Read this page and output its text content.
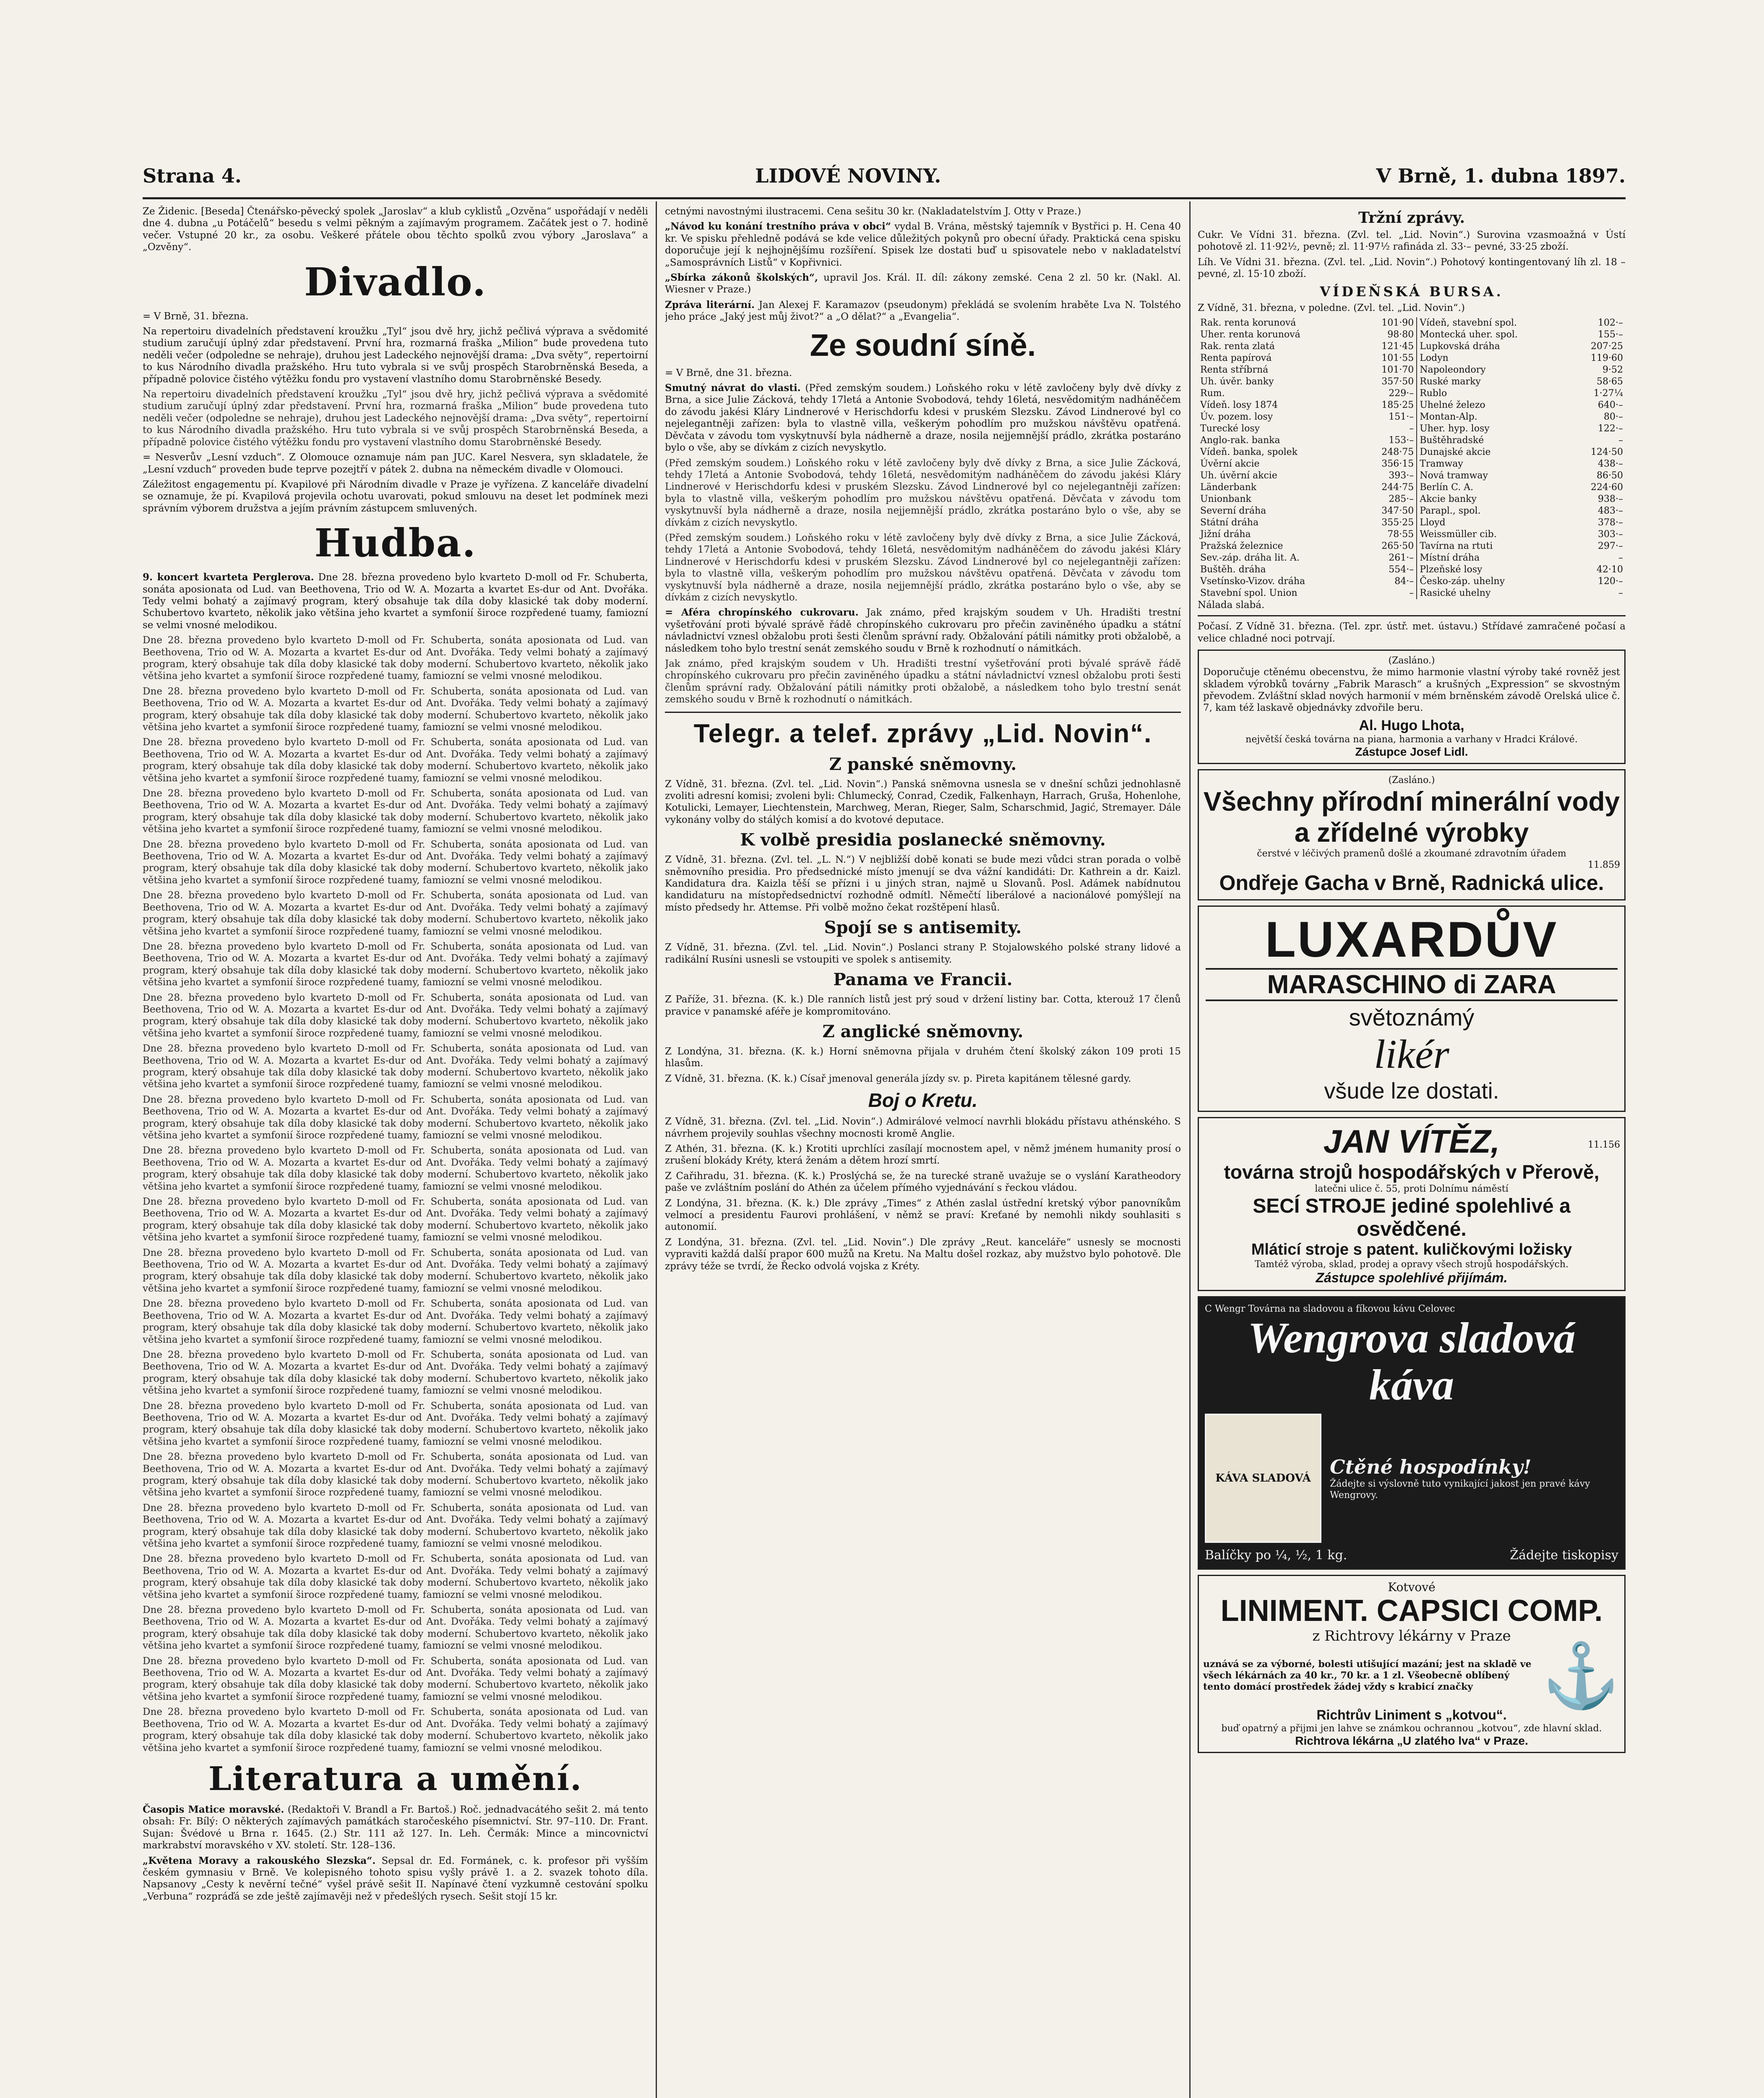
Strana 4.	LIDOVÉ NOVINY.	V Brně, 1. dubna 1897.

Ze Židenic. [Beseda] Čtenářsko-pěvecký spolek „Jaroslav“ a klub cyklistů „Ozvěna“ uspořádají v neděli dne 4. dubna „u Potáčelů“ besedu s velmi pěkným a zajímavým programem. Začátek jest o 7. hodině večer. Vstupné 20 kr., za osobu. Veškeré přátele obou těchto spolků zvou výbory „Jaroslava“ a „Ozvěny“.

Divadlo.

= V Brně, 31. března.

Na repertoiru divadelních představení kroužku „Tyl“ jsou dvě hry, jichž pečlivá výprava a svědomité studium zaručují úplný zdar představení. První hra, rozmarná fraška „Milion“ bude provedena tuto neděli večer (odpoledne se nehraje), druhou jest Ladeckého nejnovější drama: „Dva světy“, repertoirní to kus Národního divadla pražského. Hru tuto vybrala si ve svůj prospěch Starobrněnská Beseda, a případně polovice čistého výtěžku fondu pro vystavení vlastního domu Starobrněnské Besedy.

Na repertoiru divadelních představení kroužku „Tyl“ jsou dvě hry, jichž pečlivá výprava a svědomité studium zaručují úplný zdar představení. První hra, rozmarná fraška „Milion“ bude provedena tuto neděli večer (odpoledne se nehraje), druhou jest Ladeckého nejnovější drama: „Dva světy“, repertoirní to kus Národního divadla pražského. Hru tuto vybrala si ve svůj prospěch Starobrněnská Beseda, a případně polovice čistého výtěžku fondu pro vystavení vlastního domu Starobrněnské Besedy.

= Nesverův „Lesní vzduch“. Z Olomouce oznamuje nám pan JUC. Karel Nesvera, syn skladatele, že „Lesní vzduch“ proveden bude teprve pozejtří v pátek 2. dubna na německém divadle v Olomouci.

Záležitost engagementu pí. Kvapilové při Národním divadle v Praze je vyřízena. Z kanceláře divadelní se oznamuje, že pí. Kvapilová projevila ochotu uvarovati, pokud smlouvu na deset let podmínek mezi správním výborem družstva a jejím právním zástupcem smluvených.

Hudba.

9. koncert kvarteta Perglerova. Dne 28. března provedeno bylo kvarteto D-moll od Fr. Schuberta, sonáta aposionata od Lud. van Beethovena, Trio od W. A. Mozarta a kvartet Es-dur od Ant. Dvořáka. Tedy velmi bohatý a zajímavý program, který obsahuje tak díla doby klasické tak doby moderní. Schubertovo kvarteto, několik jako většina jeho kvartet a symfonií široce rozpředené tuamy, famiozní se velmi vnosné melodikou.

Dne 28. března provedeno bylo kvarteto D-moll od Fr. Schuberta, sonáta aposionata od Lud. van Beethovena, Trio od W. A. Mozarta a kvartet Es-dur od Ant. Dvořáka. Tedy velmi bohatý a zajímavý program, který obsahuje tak díla doby klasické tak doby moderní. Schubertovo kvarteto, několik jako většina jeho kvartet a symfonií široce rozpředené tuamy, famiozní se velmi vnosné melodikou.

Dne 28. března provedeno bylo kvarteto D-moll od Fr. Schuberta, sonáta aposionata od Lud. van Beethovena, Trio od W. A. Mozarta a kvartet Es-dur od Ant. Dvořáka. Tedy velmi bohatý a zajímavý program, který obsahuje tak díla doby klasické tak doby moderní. Schubertovo kvarteto, několik jako většina jeho kvartet a symfonií široce rozpředené tuamy, famiozní se velmi vnosné melodikou.

Dne 28. března provedeno bylo kvarteto D-moll od Fr. Schuberta, sonáta aposionata od Lud. van Beethovena, Trio od W. A. Mozarta a kvartet Es-dur od Ant. Dvořáka. Tedy velmi bohatý a zajímavý program, který obsahuje tak díla doby klasické tak doby moderní. Schubertovo kvarteto, několik jako většina jeho kvartet a symfonií široce rozpředené tuamy, famiozní se velmi vnosné melodikou.

Dne 28. března provedeno bylo kvarteto D-moll od Fr. Schuberta, sonáta aposionata od Lud. van Beethovena, Trio od W. A. Mozarta a kvartet Es-dur od Ant. Dvořáka. Tedy velmi bohatý a zajímavý program, který obsahuje tak díla doby klasické tak doby moderní. Schubertovo kvarteto, několik jako většina jeho kvartet a symfonií široce rozpředené tuamy, famiozní se velmi vnosné melodikou.

Dne 28. března provedeno bylo kvarteto D-moll od Fr. Schuberta, sonáta aposionata od Lud. van Beethovena, Trio od W. A. Mozarta a kvartet Es-dur od Ant. Dvořáka. Tedy velmi bohatý a zajímavý program, který obsahuje tak díla doby klasické tak doby moderní. Schubertovo kvarteto, několik jako většina jeho kvartet a symfonií široce rozpředené tuamy, famiozní se velmi vnosné melodikou.

Dne 28. března provedeno bylo kvarteto D-moll od Fr. Schuberta, sonáta aposionata od Lud. van Beethovena, Trio od W. A. Mozarta a kvartet Es-dur od Ant. Dvořáka. Tedy velmi bohatý a zajímavý program, který obsahuje tak díla doby klasické tak doby moderní. Schubertovo kvarteto, několik jako většina jeho kvartet a symfonií široce rozpředené tuamy, famiozní se velmi vnosné melodikou.

Dne 28. března provedeno bylo kvarteto D-moll od Fr. Schuberta, sonáta aposionata od Lud. van Beethovena, Trio od W. A. Mozarta a kvartet Es-dur od Ant. Dvořáka. Tedy velmi bohatý a zajímavý program, který obsahuje tak díla doby klasické tak doby moderní. Schubertovo kvarteto, několik jako většina jeho kvartet a symfonií široce rozpředené tuamy, famiozní se velmi vnosné melodikou.

Dne 28. března provedeno bylo kvarteto D-moll od Fr. Schuberta, sonáta aposionata od Lud. van Beethovena, Trio od W. A. Mozarta a kvartet Es-dur od Ant. Dvořáka. Tedy velmi bohatý a zajímavý program, který obsahuje tak díla doby klasické tak doby moderní. Schubertovo kvarteto, několik jako většina jeho kvartet a symfonií široce rozpředené tuamy, famiozní se velmi vnosné melodikou.

Dne 28. března provedeno bylo kvarteto D-moll od Fr. Schuberta, sonáta aposionata od Lud. van Beethovena, Trio od W. A. Mozarta a kvartet Es-dur od Ant. Dvořáka. Tedy velmi bohatý a zajímavý program, který obsahuje tak díla doby klasické tak doby moderní. Schubertovo kvarteto, několik jako většina jeho kvartet a symfonií široce rozpředené tuamy, famiozní se velmi vnosné melodikou.

Dne 28. března provedeno bylo kvarteto D-moll od Fr. Schuberta, sonáta aposionata od Lud. van Beethovena, Trio od W. A. Mozarta a kvartet Es-dur od Ant. Dvořáka. Tedy velmi bohatý a zajímavý program, který obsahuje tak díla doby klasické tak doby moderní. Schubertovo kvarteto, několik jako většina jeho kvartet a symfonií široce rozpředené tuamy, famiozní se velmi vnosné melodikou.

Dne 28. března provedeno bylo kvarteto D-moll od Fr. Schuberta, sonáta aposionata od Lud. van Beethovena, Trio od W. A. Mozarta a kvartet Es-dur od Ant. Dvořáka. Tedy velmi bohatý a zajímavý program, který obsahuje tak díla doby klasické tak doby moderní. Schubertovo kvarteto, několik jako většina jeho kvartet a symfonií široce rozpředené tuamy, famiozní se velmi vnosné melodikou.

Dne 28. března provedeno bylo kvarteto D-moll od Fr. Schuberta, sonáta aposionata od Lud. van Beethovena, Trio od W. A. Mozarta a kvartet Es-dur od Ant. Dvořáka. Tedy velmi bohatý a zajímavý program, který obsahuje tak díla doby klasické tak doby moderní. Schubertovo kvarteto, několik jako většina jeho kvartet a symfonií široce rozpředené tuamy, famiozní se velmi vnosné melodikou.

Dne 28. března provedeno bylo kvarteto D-moll od Fr. Schuberta, sonáta aposionata od Lud. van Beethovena, Trio od W. A. Mozarta a kvartet Es-dur od Ant. Dvořáka. Tedy velmi bohatý a zajímavý program, který obsahuje tak díla doby klasické tak doby moderní. Schubertovo kvarteto, několik jako většina jeho kvartet a symfonií široce rozpředené tuamy, famiozní se velmi vnosné melodikou.

Dne 28. března provedeno bylo kvarteto D-moll od Fr. Schuberta, sonáta aposionata od Lud. van Beethovena, Trio od W. A. Mozarta a kvartet Es-dur od Ant. Dvořáka. Tedy velmi bohatý a zajímavý program, který obsahuje tak díla doby klasické tak doby moderní. Schubertovo kvarteto, několik jako většina jeho kvartet a symfonií široce rozpředené tuamy, famiozní se velmi vnosné melodikou.

Dne 28. března provedeno bylo kvarteto D-moll od Fr. Schuberta, sonáta aposionata od Lud. van Beethovena, Trio od W. A. Mozarta a kvartet Es-dur od Ant. Dvořáka. Tedy velmi bohatý a zajímavý program, který obsahuje tak díla doby klasické tak doby moderní. Schubertovo kvarteto, několik jako většina jeho kvartet a symfonií široce rozpředené tuamy, famiozní se velmi vnosné melodikou.

Dne 28. března provedeno bylo kvarteto D-moll od Fr. Schuberta, sonáta aposionata od Lud. van Beethovena, Trio od W. A. Mozarta a kvartet Es-dur od Ant. Dvořáka. Tedy velmi bohatý a zajímavý program, který obsahuje tak díla doby klasické tak doby moderní. Schubertovo kvarteto, několik jako většina jeho kvartet a symfonií široce rozpředené tuamy, famiozní se velmi vnosné melodikou.

Dne 28. března provedeno bylo kvarteto D-moll od Fr. Schuberta, sonáta aposionata od Lud. van Beethovena, Trio od W. A. Mozarta a kvartet Es-dur od Ant. Dvořáka. Tedy velmi bohatý a zajímavý program, který obsahuje tak díla doby klasické tak doby moderní. Schubertovo kvarteto, několik jako většina jeho kvartet a symfonií široce rozpředené tuamy, famiozní se velmi vnosné melodikou.

Dne 28. března provedeno bylo kvarteto D-moll od Fr. Schuberta, sonáta aposionata od Lud. van Beethovena, Trio od W. A. Mozarta a kvartet Es-dur od Ant. Dvořáka. Tedy velmi bohatý a zajímavý program, který obsahuje tak díla doby klasické tak doby moderní. Schubertovo kvarteto, několik jako většina jeho kvartet a symfonií široce rozpředené tuamy, famiozní se velmi vnosné melodikou.

Dne 28. března provedeno bylo kvarteto D-moll od Fr. Schuberta, sonáta aposionata od Lud. van Beethovena, Trio od W. A. Mozarta a kvartet Es-dur od Ant. Dvořáka. Tedy velmi bohatý a zajímavý program, který obsahuje tak díla doby klasické tak doby moderní. Schubertovo kvarteto, několik jako většina jeho kvartet a symfonií široce rozpředené tuamy, famiozní se velmi vnosné melodikou.

Dne 28. března provedeno bylo kvarteto D-moll od Fr. Schuberta, sonáta aposionata od Lud. van Beethovena, Trio od W. A. Mozarta a kvartet Es-dur od Ant. Dvořáka. Tedy velmi bohatý a zajímavý program, který obsahuje tak díla doby klasické tak doby moderní. Schubertovo kvarteto, několik jako většina jeho kvartet a symfonií široce rozpředené tuamy, famiozní se velmi vnosné melodikou.

Dne 28. března provedeno bylo kvarteto D-moll od Fr. Schuberta, sonáta aposionata od Lud. van Beethovena, Trio od W. A. Mozarta a kvartet Es-dur od Ant. Dvořáka. Tedy velmi bohatý a zajímavý program, který obsahuje tak díla doby klasické tak doby moderní. Schubertovo kvarteto, několik jako většina jeho kvartet a symfonií široce rozpředené tuamy, famiozní se velmi vnosné melodikou.

Dne 28. března provedeno bylo kvarteto D-moll od Fr. Schuberta, sonáta aposionata od Lud. van Beethovena, Trio od W. A. Mozarta a kvartet Es-dur od Ant. Dvořáka. Tedy velmi bohatý a zajímavý program, který obsahuje tak díla doby klasické tak doby moderní. Schubertovo kvarteto, několik jako většina jeho kvartet a symfonií široce rozpředené tuamy, famiozní se velmi vnosné melodikou.

Literatura a umění.

Časopis Matice moravské. (Redaktoři V. Brandl a Fr. Bartoš.) Roč. jednadvacátého sešit 2. má tento obsah: Fr. Bílý: O některých zajímavých památkách staročeského písemnictví. Str. 97–110. Dr. Frant. Sujan: Švédové u Brna r. 1645. (2.) Str. 111 až 127. In. Leh. Čermák: Mince a mincovnictví markrabství moravského v XV. století. Str. 128–136.

„Květena Moravy a rakouského Slezska“. Sepsal dr. Ed. Formánek, c. k. profesor při vyšším českém gymnasiu v Brně. Ve kolepisného tohoto spisu vyšly právě 1. a 2. svazek tohoto díla. Napsanovy „Cesty k nevěrní tečné“ vyšel právě sešit II. Napínavé čtení vyzkumně cestování spolku „Verbuna“ rozpráďá se zde ještě zajímavěji než v předešlých rysech. Sešit stojí 15 kr.

cetnými navostnými ilustracemi. Cena sešitu 30 kr. (Nakladatelstvím J. Otty v Praze.)

„Návod ku konání trestního práva v obci“ vydal B. Vrána, městský tajemník v Bystřici p. H. Cena 40 kr. Ve spisku přehledně podává se kde velice důležitých pokynů pro obecní úřady. Praktická cena spisku doporučuje její k nejhojnějšímu rozšíření. Spisek lze dostati buď u spisovatele nebo v nakladatelství „Samosprávních Listů“ v Kopřivnici.

„Sbírka zákonů školských“, upravil Jos. Král. II. díl: zákony zemské. Cena 2 zl. 50 kr. (Nakl. Al. Wiesner v Praze.)

Zpráva literární. Jan Alexej F. Karamazov (pseudonym) překládá se svolením hraběte Lva N. Tolstého jeho práce „Jaký jest můj život?“ a „O dělat?“ a „Evangelia“.

Ze soudní síně.

= V Brně, dne 31. března.

Smutný návrat do vlasti. (Před zemským soudem.) Loňského roku v létě zavločeny byly dvě dívky z Brna, a sice Julie Zácková, tehdy 17letá a Antonie Svobodová, tehdy 16letá, nesvědomitým nadháněčem do závodu jakési Kláry Lindnerové v Herischdorfu kdesi v pruském Slezsku. Závod Lindnerové byl co nejelegantněji zařízen: byla to vlastně villa, veškerým pohodlím pro mužskou návštěvu opatřená. Děvčata v závodu tom vyskytnuvší byla nádherně a draze, nosila nejjemnější prádlo, zkrátka postaráno bylo o vše, aby se dívkám z cizích nevyskytlo.

(Před zemským soudem.) Loňského roku v létě zavločeny byly dvě dívky z Brna, a sice Julie Zácková, tehdy 17letá a Antonie Svobodová, tehdy 16letá, nesvědomitým nadháněčem do závodu jakési Kláry Lindnerové v Herischdorfu kdesi v pruském Slezsku. Závod Lindnerové byl co nejelegantněji zařízen: byla to vlastně villa, veškerým pohodlím pro mužskou návštěvu opatřená. Děvčata v závodu tom vyskytnuvší byla nádherně a draze, nosila nejjemnější prádlo, zkrátka postaráno bylo o vše, aby se dívkám z cizích nevyskytlo.

(Před zemským soudem.) Loňského roku v létě zavločeny byly dvě dívky z Brna, a sice Julie Zácková, tehdy 17letá a Antonie Svobodová, tehdy 16letá, nesvědomitým nadháněčem do závodu jakési Kláry Lindnerové v Herischdorfu kdesi v pruském Slezsku. Závod Lindnerové byl co nejelegantněji zařízen: byla to vlastně villa, veškerým pohodlím pro mužskou návštěvu opatřená. Děvčata v závodu tom vyskytnuvší byla nádherně a draze, nosila nejjemnější prádlo, zkrátka postaráno bylo o vše, aby se dívkám z cizích nevyskytlo.

= Aféra chropínského cukrovaru. Jak známo, před krajským soudem v Uh. Hradišti trestní vyšetřování proti bývalé správě řádě chropínského cukrovaru pro přečin zaviněného úpadku a státní návladnictví vznesl obžalobu proti šesti členům správní rady. Obžalování pátili námitky proti obžalobě, a následkem toho bylo trestní senát zemského soudu v Brně k rozhodnutí o námitkách.

Jak známo, před krajským soudem v Uh. Hradišti trestní vyšetřování proti bývalé správě řádě chropínského cukrovaru pro přečin zaviněného úpadku a státní návladnictví vznesl obžalobu proti šesti členům správní rady. Obžalování pátili námitky proti obžalobě, a následkem toho bylo trestní senát zemského soudu v Brně k rozhodnutí o námitkách.

Telegr. a telef. zprávy „Lid. Novin“.
Z panské sněmovny.

Z Vídně, 31. března. (Zvl. tel. „Lid. Novin“.) Panská sněmovna usnesla se v dnešní schůzi jednohlasně zvoliti adresní komisi; zvoleni byli: Chlumecký, Conrad, Czedik, Falkenhayn, Harrach, Gruša, Hohenlohe, Kotulicki, Lemayer, Liechtenstein, Marchweg, Meran, Rieger, Salm, Scharschmid, Jagić, Stremayer. Dále vykonány volby do stálých komisí a do kvotové deputace.

K volbě presidia poslanecké sněmovny.

Z Vídně, 31. března. (Zvl. tel. „L. N.“) V nejbližší době konati se bude mezi vůdci stran porada o volbě sněmovního presidia. Pro předsednické místo jmenují se dva vážní kandidáti: Dr. Kathrein a dr. Kaizl. Kandidatura dra. Kaizla těší se přízni i u jiných stran, najmě u Slovanů. Posl. Adámek nabídnutou kandidaturu na místopředsednictví rozhodně odmítl. Němečtí liberálové a nacionálové pomýšlejí na místo předsedy hr. Attemse. Při volbě možno čekat rozštěpení hlasů.

Spojí se s antisemity.

Z Vídně, 31. března. (Zvl. tel. „Lid. Novin“.) Poslanci strany P. Stojalowského polské strany lidové a radikální Rusíni usnesli se vstoupiti ve spolek s antisemity.

Panama ve Francii.

Z Paříže, 31. března. (K. k.) Dle ranních listů jest prý soud v držení listiny bar. Cotta, kterouž 17 členů pravice v panamské aféře je kompromitováno.

Z anglické sněmovny.

Z Londýna, 31. března. (K. k.) Horní sněmovna přijala v druhém čtení školský zákon 109 proti 15 hlasům.

Z Vídně, 31. března. (K. k.) Císař jmenoval generála jízdy sv. p. Pireta kapitánem tělesné gardy.

Boj o Kretu.

Z Vídně, 31. března. (Zvl. tel. „Lid. Novin“.) Admirálové velmocí navrhli blokádu přístavu athénského. S návrhem projevily souhlas všechny mocnosti kromě Anglie.

Z Athén, 31. března. (K. k.) Krotiti uprchlíci zasílají mocnostem apel, v němž jménem humanity prosí o zrušení blokády Kréty, která ženám a dětem hrozí smrtí.

Z Cařihradu, 31. března. (K. k.) Proslýchá se, že na turecké straně uvažuje se o vyslání Karatheodory paše ve zvláštním poslání do Athén za účelem přímého vyjednávání s řeckou vládou.

Z Londýna, 31. března. (K. k.) Dle zprávy „Times“ z Athén zaslal ústřední kretský výbor panovníkům velmocí a presidentu Faurovi prohlášení, v němž se praví: Kreťané by nemohli nikdy souhlasiti s autonomií.

Z Londýna, 31. března. (Zvl. tel. „Lid. Novin“.) Dle zprávy „Reut. kanceláře“ usnesly se mocnosti vypraviti každá další prapor 600 mužů na Kretu. Na Maltu došel rozkaz, aby mužstvo bylo pohotově. Dle zprávy téže se tvrdí, že Řecko odvolá vojska z Kréty.

Tržní zprávy.

Cukr. Ve Vídni 31. března. (Zvl. tel. „Lid. Novin“.) Surovina vzasmoažná v Ústí pohotově zl. 11·92½, pevně; zl. 11·97½ rafináda zl. 33·– pevné, 33·25 zboží.

Líh. Ve Vídni 31. března. (Zvl. tel. „Lid. Novin“.) Pohotový kontingentovaný líh zl. 18 – pevné, zl. 15·10 zboží.

VÍDEŇSKÁ BURSA.

Z Vídně, 31. března, v poledne. (Zvl. tel. „Lid. Novin“.)

Rak. renta korunová	101·90	Vídeň, stavební spol.	102·–
Uher. renta korunová	98·80	Montecká uher. spol.	155·–
Rak. renta zlatá	121·45	Lupkovská dráha	207·25
Renta papírová	101·55	Lodyn	119·60
Renta stříbrná	101·70	Napoleondory	9·52
Uh. úvěr. banky	357·50	Ruské marky	58·65
Rum.	229·–	Rublo	1·27¼
Vídeň. losy 1874	185·25	Uhelné železo	640·–
Úv. pozem. losy	151·–	Montan-Alp.	80·–
Turecké losy	–	Uher. hyp. losy	122·–
Anglo-rak. banka	153·–	Buštěhradské	–
Vídeň. banka, spolek	248·75	Dunajské akcie	124·50
Úvěrní akcie	356·15	Tramway	438·–
Uh. úvěrní akcie	393·–	Nová tramway	86·50
Länderbank	244·75	Berlín C. A.	224·60
Unionbank	285·–	Akcie banky	938·–
Severní dráha	347·50	Parapl., spol.	483·–
Státní dráha	355·25	Lloyd	378·–
Jižní dráha	78·55	Weissmüller cib.	303·–
Pražská železnice	265·50	Tavírna na rtuti	297·–
Sev.-záp. dráha lit. A.	261·–	Místní dráha	–
Buštěh. dráha	554·–	Plzeňské losy	42·10
Vsetínsko-Vizov. dráha	84·–	Česko-záp. uhelny	120·–
Stavební spol. Union	–	Rasické uhelny	–

Nálada slabá.

Počasí. Z Vídně 31. března. (Tel. zpr. ústř. met. ústavu.) Střídavé zamračené počasí a velice chladné noci potrvají.

(Zasláno.)

Doporučuje ctěnému obecenstvu, že mimo harmonie vlastní výroby také rovněž jest skladem výrobků továrny „Fabrik Marasch“ a krušných „Expression“ se skvostným převodem. Zvláštní sklad nových harmonií v mém brněnském závodě Orelská ulice č. 7, kam též laskavě objednávky zdvořile beru.

Al. Hugo Lhota,
největší česká továrna na piana, harmonia a varhany v Hradci Králové.
Zástupce Josef Lidl.
(Zasláno.)
Všechny přírodní minerální vody a zřídelné výrobky
čerstvé v léčivých pramenů došlé a zkoumané zdravotním úřadem
11.859
Ondřeje Gacha v Brně, Radnická ulice.
LUXARDŮV
MARASCHINO di ZARA
světoznámý
likér
všude lze dostati.
JAN VÍTĚZ,	11.156
továrna strojů hospodářských v Přerově,
latečni ulice č. 55, proti Dolnímu náměstí
SECÍ STROJE jediné spolehlivé a osvědčené.
Mláticí stroje s patent. kuličkovými ložisky
Tamtéž výroba, sklad, prodej a opravy všech strojů hospodářských.
Zástupce spolehlivé přijímám.
C Wengr Továrna na sladovou a fíkovou kávu Celovec
Wengrova sladová káva
KÁVA SLADOVÁ Ctěné hospodínky!
Žádejte si výslovně tuto vynikající jakost jen pravé kávy Wengrovy.
Balíčky po ¼, ½, 1 kg.	Žádejte tiskopisy
Kotvové
LINIMENT. CAPSICI COMP.
z Richtrovy lékárny v Praze
uznává se za výborné, bolesti utišující mazání; jest na skladě ve všech lékárnách za 40 kr., 70 kr. a 1 zl. Všeobecně oblíbený tento domácí prostředek žádej vždy s krabicí značky	⚓
Richtrův Liniment s „kotvou“.
buď opatrný a přijmi jen lahve se známkou ochrannou „kotvou“, zde hlavní sklad.
Richtrova lékárna „U zlatého lva“ v Praze.
